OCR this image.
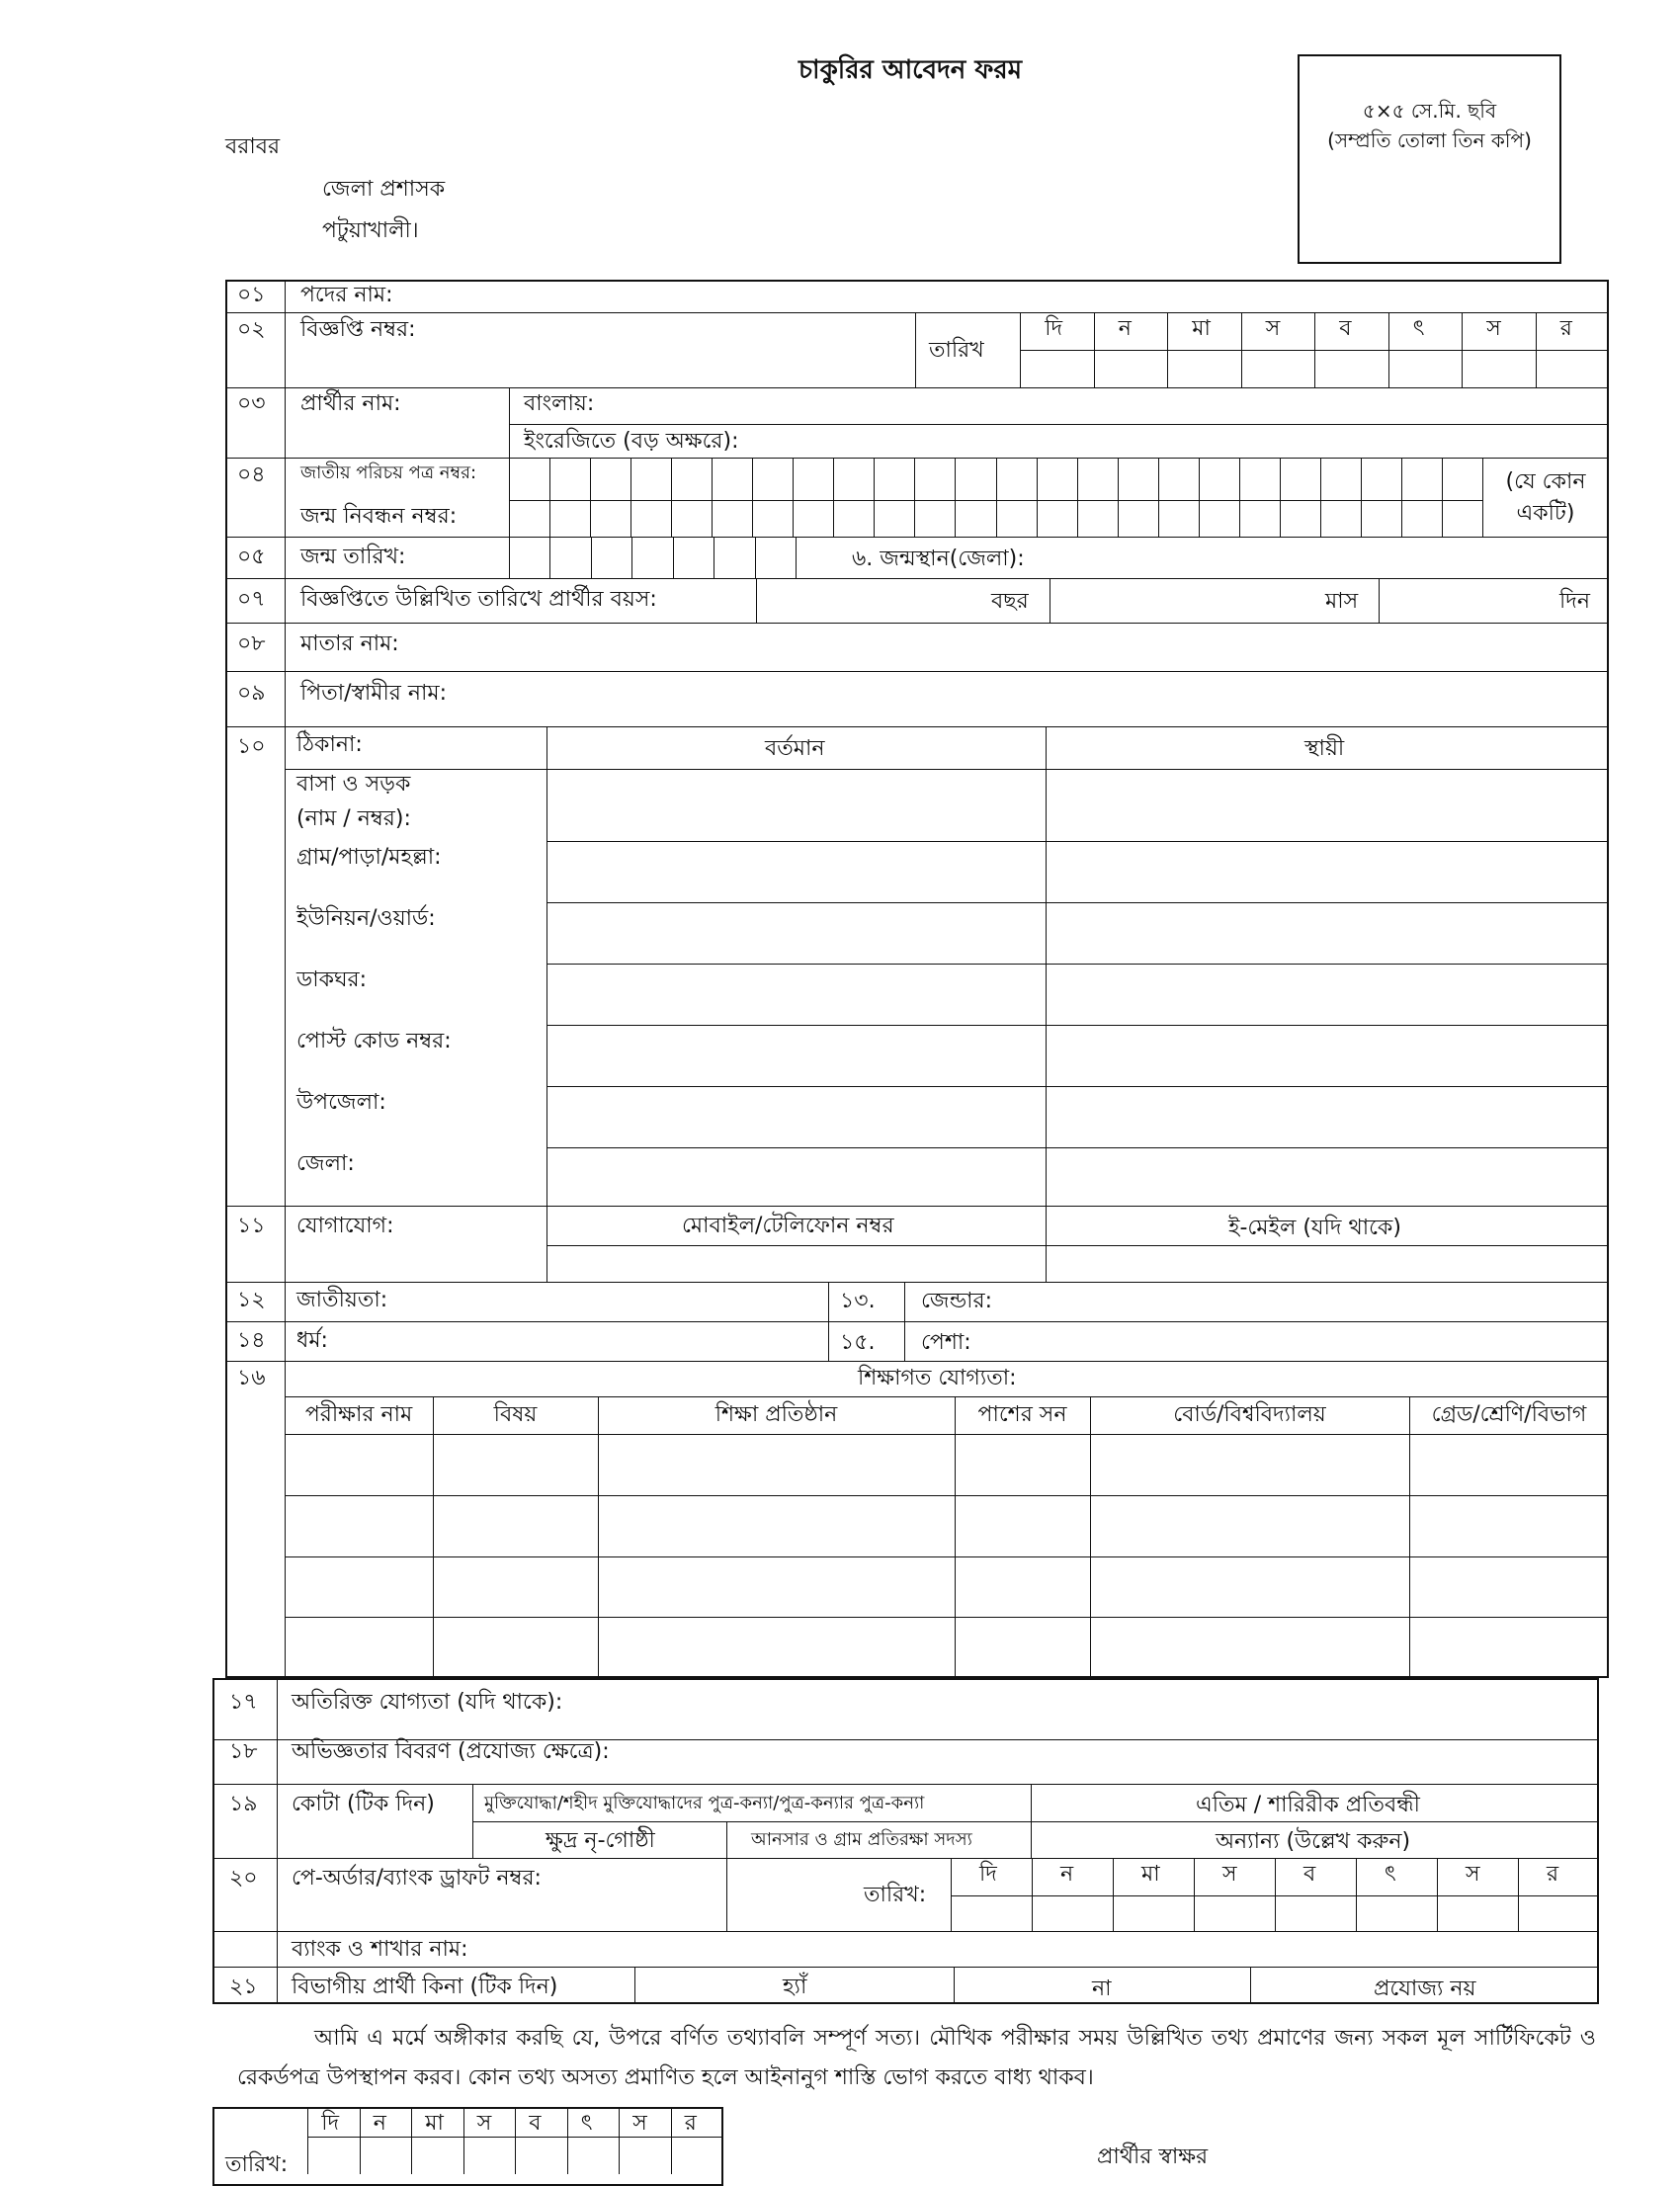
চাকুরির আবেদন ফরম
বরাবর
জেলা প্রশাসক
পটুয়াখালী।
৫×৫ সে.মি. ছবি
(সম্প্রতি তোলা তিন কপি)
০১ পদের নাম:
০২ বিজ্ঞপ্তি নম্বর:
তারিখ
দি	ন	মা	স	ব	ৎ	স	র
০৩ প্রার্থীর নাম:	বাংলায়:
ইংরেজিতে (বড় অক্ষরে):
০৪ জাতীয় পরিচয় পত্র নম্বর:
জন্ম নিবন্ধন নম্বর:
(যে কোন একটি)
০৫ জন্ম তারিখ:	৬. জন্মস্থান(জেলা):
০৭ বিজ্ঞপ্তিতে উল্লিখিত তারিখে প্রার্থীর বয়স:	বছর	মাস	দিন
০৮ মাতার নাম:
০৯ পিতা/স্বামীর নাম:
১০ ঠিকানা:	বর্তমান	স্থায়ী
বাসা ও সড়ক
(নাম / নম্বর):
গ্রাম/পাড়া/মহল্লা:
ইউনিয়ন/ওয়ার্ড:
ডাকঘর:
পোস্ট কোড নম্বর:
উপজেলা:
জেলা:
১১ যোগাযোগ:	মোবাইল/টেলিফোন নম্বর	ই-মেইল (যদি থাকে)
১২ জাতীয়তা:	১৩. জেন্ডার:
১৪ ধর্ম:	১৫. পেশা:
১৬	শিক্ষাগত যোগ্যতা:
পরীক্ষার নাম	বিষয়	শিক্ষা প্রতিষ্ঠান	পাশের সন	বোর্ড/বিশ্ববিদ্যালয়	গ্রেড/শ্রেণি/বিভাগ
১৭ অতিরিক্ত যোগ্যতা (যদি থাকে):
১৮ অভিজ্ঞতার বিবরণ (প্রযোজ্য ক্ষেত্রে):
১৯ কোটা (টিক দিন)	মুক্তিযোদ্ধা/শহীদ মুক্তিযোদ্ধাদের পুত্র-কন্যা/পুত্র-কন্যার পুত্র-কন্যা	এতিম / শারিরীক প্রতিবন্ধী
ক্ষুদ্র নৃ-গোষ্ঠী	আনসার ও গ্রাম প্রতিরক্ষা সদস্য	অন্যান্য (উল্লেখ করুন)
২০ পে-অর্ডার/ব্যাংক ড্রাফট নম্বর:
তারিখ:
দি	ন	মা	স	ব	ৎ	স	র
ব্যাংক ও শাখার নাম:
২১ বিভাগীয় প্রার্থী কিনা (টিক দিন)	হ্যাঁ	না	প্রযোজ্য নয়
আমি এ মর্মে অঙ্গীকার করছি যে, উপরে বর্ণিত তথ্যাবলি সম্পূর্ণ সত্য। মৌখিক পরীক্ষার সময় উল্লিখিত তথ্য প্রমাণের জন্য সকল মূল সার্টিফিকেট ও রেকর্ডপত্র উপস্থাপন করব। কোন তথ্য অসত্য প্রমাণিত হলে আইনানুগ শাস্তি ভোগ করতে বাধ্য থাকব।
তারিখ:
দি ন মা স ব ৎ স র
প্রার্থীর স্বাক্ষর
